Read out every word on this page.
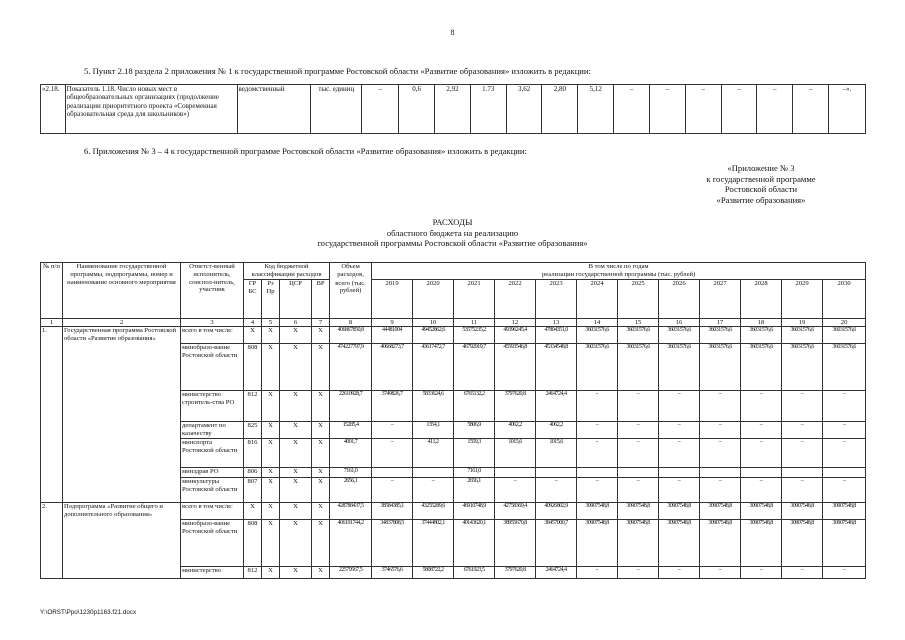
8
5. Пункт 2.18 раздела 2 приложения № 1 к государственной программе Ростовской области «Развитие образования» изложить в редакции:
«2.18.	Показатель 1.18. Число новых мест в общеобразовательных организациях (продолжение реализации приоритетного проекта «Современная образовательная среда для школьников»)	ведомственный	тыс. единиц	–	0,6	2,92	1.73	3,62	2,80	5,12	–	–	–	–	–	–	–».
6. Приложения № 3 – 4 к государственной программе Ростовской области «Развитие образования» изложить в редакции:
«Приложение № 3
к государственной программе
Ростовской области
«Развитие образования»
РАСХОДЫ
областного бюджета на реализацию
государственной программы Ростовской области «Развитие образования»
№ п/п	Наименование государственной программы, подпрограммы, номер и наименование основного мероприятия	Ответст-венный исполнитель, соиспол-нитель, участник	Код бюджетной классификации расходов				Объем расходов,	В том числе по годам
реализации государственной программы (тыс. рублей)											

			ГР БС	Рз Пр	ЦСР	ВР	всего (тыс. рублей)	2019	2020	2021	2022	2023	2024	2025	2026	2027	2028	2029	2030
1	2	3	4	5	6	7	8	9	10	11	12	13	14	15	16	17	18	19	20
1.	Государственная программа Ростовской области «Развитие образования»	всего в том числе:	Х	Х	Х	Х	406867850,8	44481004	49452862,6	53575235,2	49396245,4	47804351,0	36031576,6	36031576,6	36031576,6	36031576,6	36031576,6	36031576,6	36031576,6
		минобразо-вание Ростовской области	808	Х	Х	Х	474227797,9	40668273,7	43617472,7	46792919,7	45593546,8	45334548,8	36031576,6	36031576,6	36031576,6	36031576,6	36031576,6	36031576,6	36031576,6
		министерство строитель-ства РО	812	Х	Х	Х	22610928,7	3749826,7	5833624,6	6765132,2	3797620,8	2464724,4	–	–	–	–	–	–	–
		департамент по казачеству	825	Х	Х	Х	15285,4	–	1354,1	5806,9	4062,2	4062,2	–	–	–	–	–	–	–
		минспорта Ростовской области	816	Х	Х	Х	4001,7	–	411,2	1559,3	1015,6	1015,6	–	–	–	–	–	–	–
		минздрав РО	806	Х	Х	Х	7161,0			7161,0									
		минкультуры Ростовской области	807	Х	Х	Х	2656,1	–	–	2656,1	–	–	–	–	–	–	–	–	–
2.	Подпрограмма «Развитие общего и дополнительного образования»	всего в том числе:	Х	Х	Х	Х	428788437,5	38584385,1	43255289,6	46910748,9	42758369,4	40926802,9	30907548,8	30907548,8	30907548,8	30907548,8	30907548,8	30907548,8	30907548,8
		минобразо-вание Ростовской области	808	Х	Х	Х	406191744,2	34837808,5	37444802,1	40143620,1	38955670,8	38457000,7	30907548,8	30907548,8	30907548,8	30907548,8	30907548,8	30907548,8	30907548,8
		министерство	812	Х	Х	Х	22579567,5	3746576,6	5808722,2	6761923,5	3797620,8	2464724,4	–	–	–	–	–	–	–
Y:\ORST\Ppo\1230p1163.f21.docx
